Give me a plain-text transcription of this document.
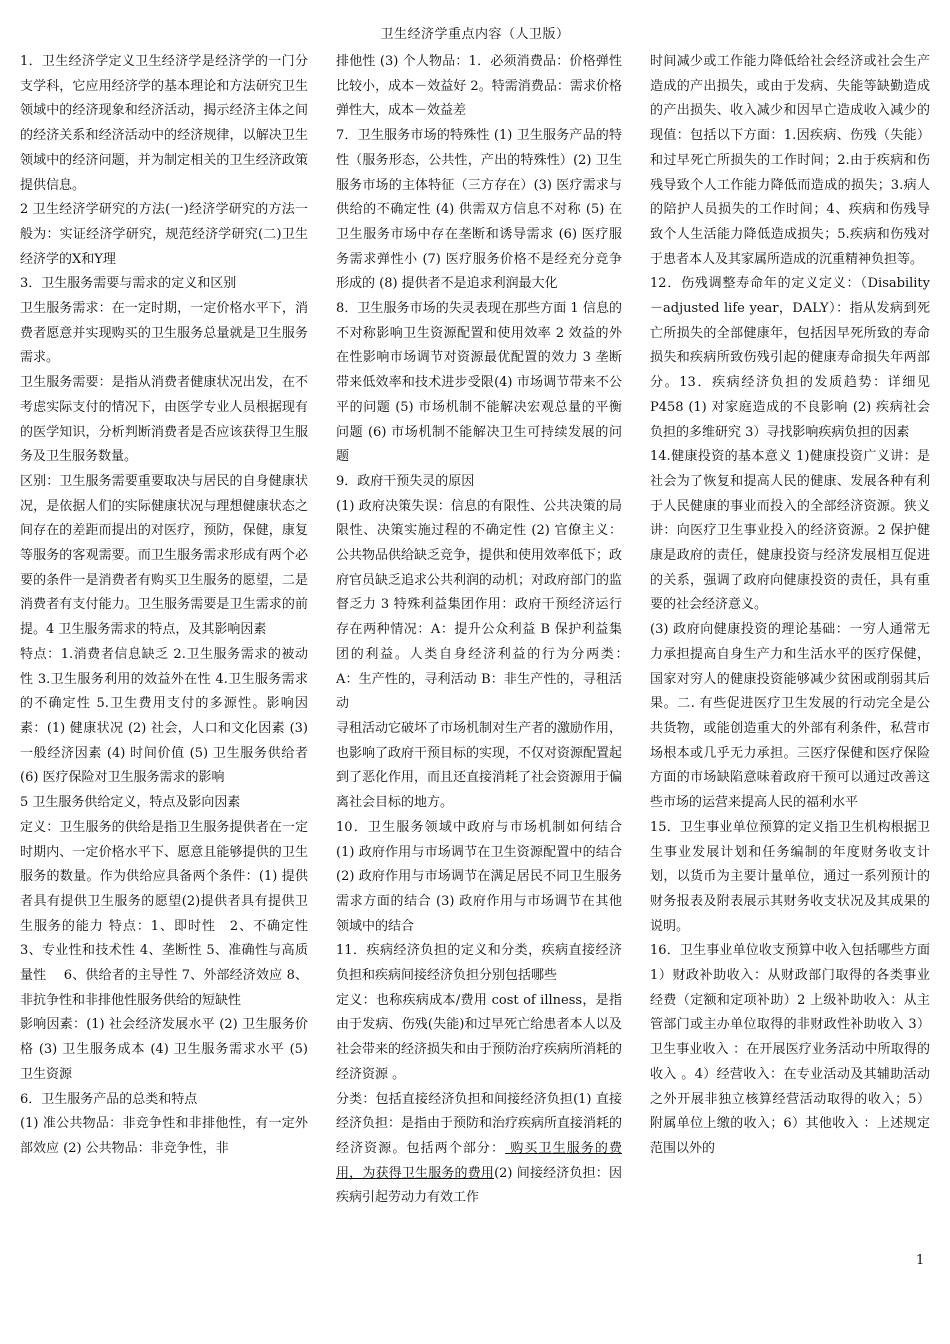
卫生经济学重点内容（人卫版）

1．卫生经济学定义卫生经济学是经济学的一门分支学科，它应用经济学的基本理论和方法研究卫生领域中的经济现象和经济活动，揭示经济主体之间的经济关系和经济活动中的经济规律，以解决卫生领域中的经济问题，并为制定相关的卫生经济政策提供信息。

2 卫生经济学研究的方法(一)经济学研究的方法一般为：实证经济学研究，规范经济学研究(二)卫生经济学的X和Y理

3．卫生服务需要与需求的定义和区别

卫生服务需求：在一定时期，一定价格水平下，消费者愿意并实现购买的卫生服务总量就是卫生服务需求。

卫生服务需要：是指从消费者健康状况出发，在不考虑实际支付的情况下，由医学专业人员根据现有的医学知识，分析判断消费者是否应该获得卫生服务及卫生服务数量。

区别：卫生服务需要重要取决与居民的自身健康状况，是依据人们的实际健康状况与理想健康状态之间存在的差距而提出的对医疗，预防，保健，康复等服务的客观需要。而卫生服务需求形成有两个必要的条件一是消费者有购买卫生服务的愿望，二是消费者有支付能力。卫生服务需要是卫生需求的前提。4 卫生服务需求的特点，及其影响因素

特点：1.消费者信息缺乏 2.卫生服务需求的被动性 3.卫生服务利用的效益外在性 4.卫生服务需求的不确定性 5.卫生费用支付的多源性。影响因素：(1) 健康状况 (2) 社会，人口和文化因素 (3) 一般经济因素 (4) 时间价值 (5) 卫生服务供给者 (6) 医疗保险对卫生服务需求的影响

5 卫生服务供给定义，特点及影向因素

定义：卫生服务的供给是指卫生服务提供者在一定时期内、一定价格水平下、愿意且能够提供的卫生服务的数量。作为供给应具备两个条件：(1) 提供者具有提供卫生服务的愿望(2)提供者具有提供卫生服务的能力 特点：1、即时性　2、不确定性 3、专业性和技术性 4、垄断性 5、准确性与高质量性　 6、供给者的主导性 7、外部经济效应 8、非抗争性和非排他性服务供给的短缺性

影响因素：(1) 社会经济发展水平 (2) 卫生服务价格 (3) 卫生服务成本 (4) 卫生服务需求水平 (5) 卫生资源

6．卫生服务产品的总类和特点

(1) 准公共物品：非竞争性和非排他性，有一定外部效应 (2) 公共物品：非竞争性，非

排他性 (3) 个人物品：1．必须消费品：价格弹性比较小，成本－效益好 2。特需消费品：需求价格弹性大，成本－效益差

7．卫生服务市场的特殊性 (1) 卫生服务产品的特性（服务形态，公共性，产出的特殊性）(2) 卫生服务市场的主体特征（三方存在）(3) 医疗需求与供给的不确定性 (4) 供需双方信息不对称 (5) 在卫生服务市场中存在垄断和诱导需求 (6) 医疗服务需求弹性小 (7) 医疗服务价格不是经充分竞争形成的 (8) 提供者不是追求利润最大化

8．卫生服务市场的失灵表现在那些方面 1 信息的不对称影响卫生资源配置和使用效率 2 效益的外在性影响市场调节对资源最优配置的效力 3 垄断带来低效率和技术进步受限(4) 市场调节带来不公平的问题 (5) 市场机制不能解决宏观总量的平衡问题 (6) 市场机制不能解决卫生可持续发展的问题

9．政府干预失灵的原因

(1) 政府决策失误：信息的有限性、公共决策的局限性、决策实施过程的不确定性 (2) 官僚主义：公共物品供给缺乏竞争，提供和使用效率低下；政府官员缺乏追求公共利润的动机；对政府部门的监督乏力 3 特殊利益集团作用：政府干预经济运行存在两种情况：A：提升公众利益 B 保护利益集团的利益。人类自身经济利益的行为分两类：　A：生产性的，寻利活动 B：非生产性的，寻租活动

寻租活动它破坏了市场机制对生产者的激励作用，也影响了政府干预目标的实现，不仅对资源配置起到了恶化作用，而且还直接消耗了社会资源用于偏离社会目标的地方。

10．卫生服务领域中政府与市场机制如何结合 (1) 政府作用与市场调节在卫生资源配置中的结合 (2) 政府作用与市场调节在满足居民不同卫生服务需求方面的结合 (3) 政府作用与市场调节在其他领域中的结合

11．疾病经济负担的定义和分类，疾病直接经济负担和疾病间接经济负担分别包括哪些

定义：也称疾病成本/费用 cost of illness，是指由于发病、伤残(失能)和过早死亡给患者本人以及社会带来的经济损失和由于预防治疗疾病所消耗的经济资源 。

分类：包括直接经济负担和间接经济负担(1) 直接经济负担：是指由于预防和治疗疾病所直接消耗的经济资源。包括两个部分： 购买卫生服务的费用，为获得卫生服务的费用(2) 间接经济负担：因疾病引起劳动力有效工作

时间减少或工作能力降低给社会经济或社会生产造成的产出损失，或由于发病、失能等缺勤造成的产出损失、收入减少和因早亡造成收入减少的现值：包括以下方面：1.因疾病、伤残（失能）和过早死亡所损失的工作时间；2.由于疾病和伤残导致个人工作能力降低而造成的损失；3.病人的陪护人员损失的工作时间；4、疾病和伤残导致个人生活能力降低造成损失；5.疾病和伤残对于患者本人及其家属所造成的沉重精神负担等。

12．伤残调整寿命年的定义定义：（Disability－adjusted life year，DALY）：指从发病到死亡所损失的全部健康年，包括因早死所致的寿命损失和疾病所致伤残引起的健康寿命损失年两部分。13．疾病经济负担的发质趋势：详细见 P458 (1) 对家庭造成的不良影响 (2) 疾病社会负担的多维研究 3）寻找影响疾病负担的因素

14.健康投资的基本意义 1)健康投资广义讲：是社会为了恢复和提高人民的健康、发展各种有利于人民健康的事业而投入的全部经济资源。狭义讲：向医疗卫生事业投入的经济资源。2 保护健康是政府的责任，健康投资与经济发展相互促进的关系，强调了政府向健康投资的责任，具有重要的社会经济意义。

(3) 政府向健康投资的理论基础：一穷人通常无力承担提高自身生产力和生活水平的医疗保健，国家对穷人的健康投资能够减少贫困或削弱其后果。二. 有些促进医疗卫生发展的行动完全是公共货物，或能创造重大的外部有利条件，私营市场根本或几乎无力承担。三医疗保健和医疗保险方面的市场缺陷意味着政府干预可以通过改善这些市场的运营来提高人民的福利水平

15．卫生事业单位预算的定义指卫生机构根据卫生事业发展计划和任务编制的年度财务收支计划，以货币为主要计量单位，通过一系列预计的财务报表及附表展示其财务收支状况及其成果的说明。

16．卫生事业单位收支预算中收入包括哪些方面 1）财政补助收入：从财政部门取得的各类事业经费（定额和定项补助）2 上级补助收入：从主管部门或主办单位取得的非财政性补助收入 3）卫生事业收入 ：在开展医疗业务活动中所取得的收入 。4）经营收入：在专业活动及其辅助活动之外开展非独立核算经营活动取得的收入；5）附属单位上缴的收入；6）其他收入 ：上述规定范围以外的

1
